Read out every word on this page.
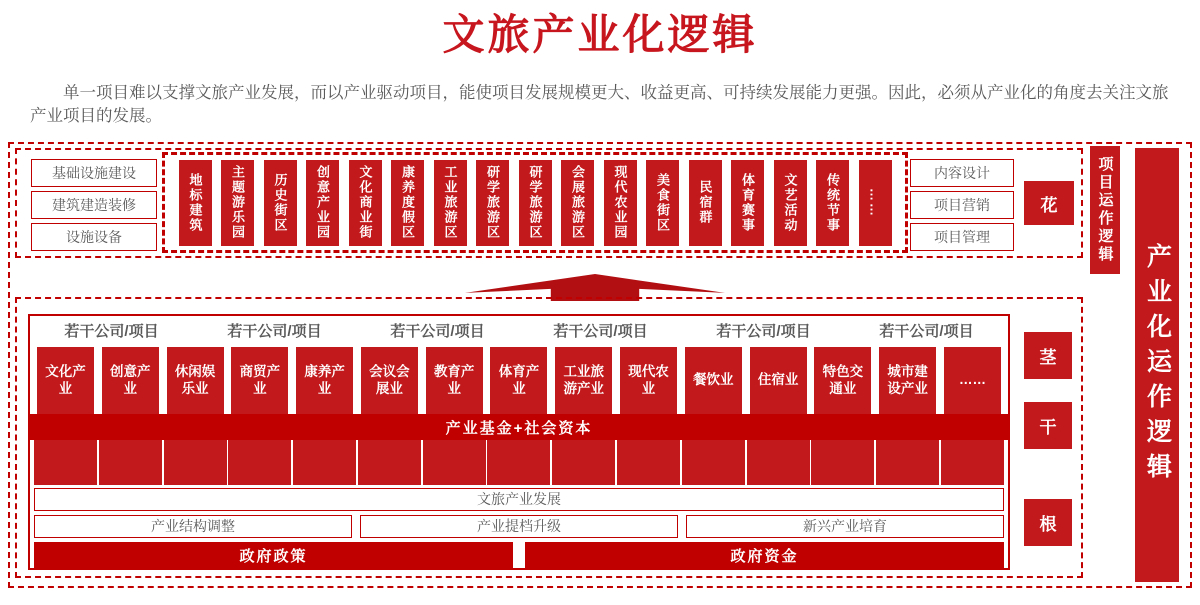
文旅产业化逻辑
单一项目难以支撑文旅产业发展，而以产业驱动项目，能使项目发展规模更大、收益更高、可持续发展能力更强。因此，必须从产业化的角度去关注文旅产业项目的发展。
基础设施建设
建筑建造装修
设施设备
地标建筑	主题游乐园	历史街区	创意产业园	文化商业街	康养度假区	工业旅游区	研学旅游区	研学旅游区	会展旅游区	现代农业园	美食街区	民宿群	体育赛事	文艺活动	传统节事	……
内容设计
项目营销
项目管理
花	项目运作逻辑
产业化运作逻辑
若干公司/项目	若干公司/项目	若干公司/项目	若干公司/项目	若干公司/项目	若干公司/项目
文化产业
创意产业
休闲娱乐业
商贸产业
康养产业
会议会展业
教育产业
体育产业
工业旅游产业
现代农业
餐饮业	住宿业
特色交通业
城市建设产业
……
产业基金+社会资本
文旅产业发展
产业结构调整	产业提档升级	新兴产业培育
政府政策	政府资金
茎
干
根
